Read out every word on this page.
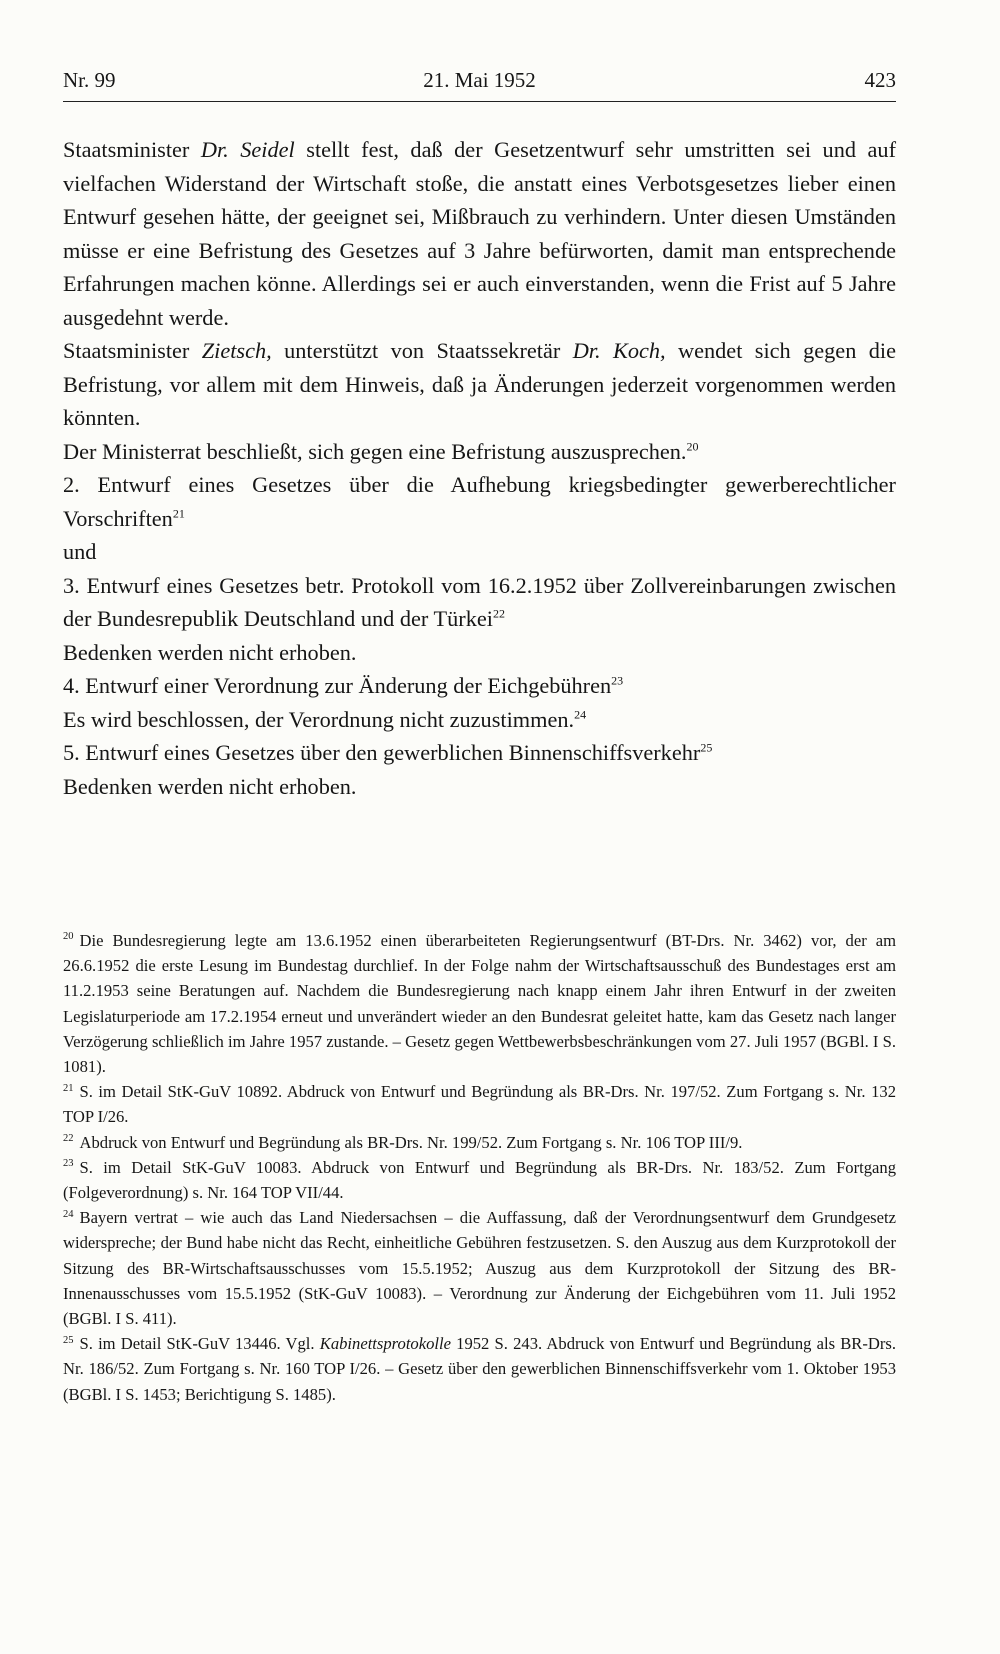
Nr. 99	21. Mai 1952	423

Staatsminister Dr. Seidel stellt fest, daß der Gesetzentwurf sehr umstritten sei und auf vielfachen Widerstand der Wirtschaft stoße, die anstatt eines Verbotsgesetzes lieber einen Entwurf gesehen hätte, der geeignet sei, Mißbrauch zu verhindern. Unter diesen Umständen müsse er eine Befristung des Gesetzes auf 3 Jahre befürworten, damit man entsprechende Erfahrungen machen könne. Allerdings sei er auch einverstanden, wenn die Frist auf 5 Jahre ausgedehnt werde.

Staatsminister Zietsch, unterstützt von Staatssekretär Dr. Koch, wendet sich gegen die Befristung, vor allem mit dem Hinweis, daß ja Änderungen jederzeit vorgenommen werden könnten.

Der Ministerrat beschließt, sich gegen eine Befristung auszusprechen.$^{20}$

2. Entwurf eines Gesetzes über die Aufhebung kriegsbedingter gewerberechtlicher Vorschriften$^{21}$

und

3. Entwurf eines Gesetzes betr. Protokoll vom 16.2.1952 über Zollvereinbarungen zwischen der Bundesrepublik Deutschland und der Türkei$^{22}$

Bedenken werden nicht erhoben.

4. Entwurf einer Verordnung zur Änderung der Eichgebühren$^{23}$

Es wird beschlossen, der Verordnung nicht zuzustimmen.$^{24}$

5. Entwurf eines Gesetzes über den gewerblichen Binnenschiffsverkehr$^{25}$

Bedenken werden nicht erhoben.

$^{20}$ Die Bundesregierung legte am 13.6.1952 einen überarbeiteten Regierungsentwurf (BT-Drs. Nr. 3462) vor, der am 26.6.1952 die erste Lesung im Bundestag durchlief. In der Folge nahm der Wirtschaftsausschuß des Bundestages erst am 11.2.1953 seine Beratungen auf. Nachdem die Bundesregierung nach knapp einem Jahr ihren Entwurf in der zweiten Legislaturperiode am 17.2.1954 erneut und unverändert wieder an den Bundesrat geleitet hatte, kam das Gesetz nach langer Verzögerung schließlich im Jahre 1957 zustande. – Gesetz gegen Wettbewerbsbeschränkungen vom 27. Juli 1957 (BGBl. I S. 1081).

$^{21}$ S. im Detail StK-GuV 10892. Abdruck von Entwurf und Begründung als BR-Drs. Nr. 197/52. Zum Fortgang s. Nr. 132 TOP I/26.

$^{22}$ Abdruck von Entwurf und Begründung als BR-Drs. Nr. 199/52. Zum Fortgang s. Nr. 106 TOP III/9.

$^{23}$ S. im Detail StK-GuV 10083. Abdruck von Entwurf und Begründung als BR-Drs. Nr. 183/52. Zum Fortgang (Folgeverordnung) s. Nr. 164 TOP VII/44.

$^{24}$ Bayern vertrat – wie auch das Land Niedersachsen – die Auffassung, daß der Verordnungsentwurf dem Grundgesetz widerspreche; der Bund habe nicht das Recht, einheitliche Gebühren festzusetzen. S. den Auszug aus dem Kurzprotokoll der Sitzung des BR-Wirtschaftsausschusses vom 15.5.1952; Auszug aus dem Kurzprotokoll der Sitzung des BR-Innenausschusses vom 15.5.1952 (StK-GuV 10083). – Verordnung zur Änderung der Eichgebühren vom 11. Juli 1952 (BGBl. I S. 411).

$^{25}$ S. im Detail StK-GuV 13446. Vgl. Kabinettsprotokolle 1952 S. 243. Abdruck von Entwurf und Begründung als BR-Drs. Nr. 186/52. Zum Fortgang s. Nr. 160 TOP I/26. – Gesetz über den gewerblichen Binnenschiffsverkehr vom 1. Oktober 1953 (BGBl. I S. 1453; Berichtigung S. 1485).
